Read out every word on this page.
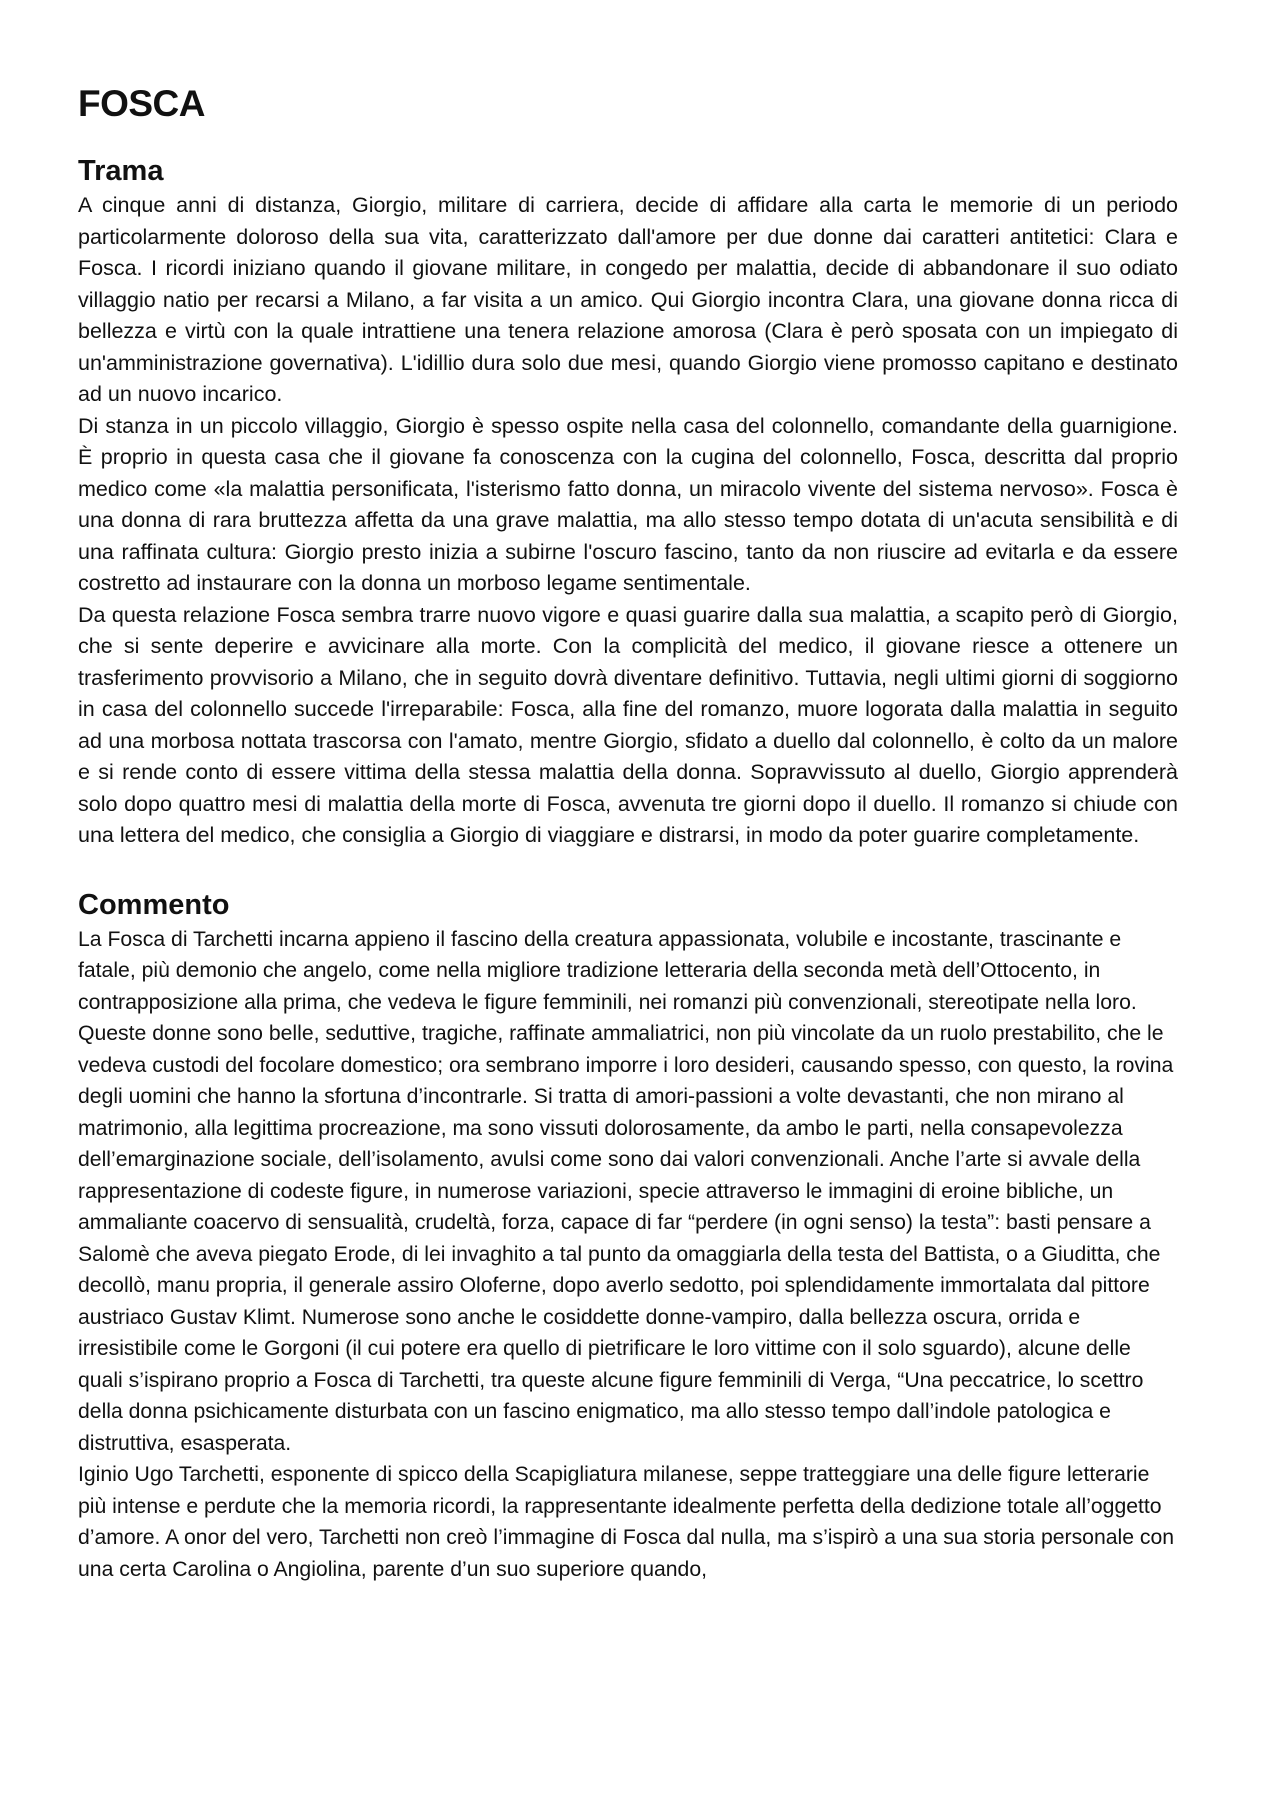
FOSCA
Trama

A cinque anni di distanza, Giorgio, militare di carriera, decide di affidare alla carta le memorie di un periodo particolarmente doloroso della sua vita, caratterizzato dall'amore per due donne dai caratteri antitetici: Clara e Fosca. I ricordi iniziano quando il giovane militare, in congedo per malattia, decide di abbandonare il suo odiato villaggio natio per recarsi a Milano, a far visita a un amico. Qui Giorgio incontra Clara, una giovane donna ricca di bellezza e virtù con la quale intrattiene una tenera relazione amorosa (Clara è però sposata con un impiegato di un'amministrazione governativa). L'idillio dura solo due mesi, quando Giorgio viene promosso capitano e destinato ad un nuovo incarico.

Di stanza in un piccolo villaggio, Giorgio è spesso ospite nella casa del colonnello, comandante della guarnigione. È proprio in questa casa che il giovane fa conoscenza con la cugina del colonnello, Fosca, descritta dal proprio medico come «la malattia personificata, l'isterismo fatto donna, un miracolo vivente del sistema nervoso». Fosca è una donna di rara bruttezza affetta da una grave malattia, ma allo stesso tempo dotata di un'acuta sensibilità e di una raffinata cultura: Giorgio presto inizia a subirne l'oscuro fascino, tanto da non riuscire ad evitarla e da essere costretto ad instaurare con la donna un morboso legame sentimentale.

Da questa relazione Fosca sembra trarre nuovo vigore e quasi guarire dalla sua malattia, a scapito però di Giorgio, che si sente deperire e avvicinare alla morte. Con la complicità del medico, il giovane riesce a ottenere un trasferimento provvisorio a Milano, che in seguito dovrà diventare definitivo. Tuttavia, negli ultimi giorni di soggiorno in casa del colonnello succede l'irreparabile: Fosca, alla fine del romanzo, muore logorata dalla malattia in seguito ad una morbosa nottata trascorsa con l'amato, mentre Giorgio, sfidato a duello dal colonnello, è colto da un malore e si rende conto di essere vittima della stessa malattia della donna. Sopravvissuto al duello, Giorgio apprenderà solo dopo quattro mesi di malattia della morte di Fosca, avvenuta tre giorni dopo il duello. Il romanzo si chiude con una lettera del medico, che consiglia a Giorgio di viaggiare e distrarsi, in modo da poter guarire completamente.

Commento

La Fosca di Tarchetti incarna appieno il fascino della creatura appassionata, volubile e incostante, trascinante e fatale, più demonio che angelo, come nella migliore tradizione letteraria della seconda metà dell’Ottocento, in contrapposizione alla prima, che vedeva le figure femminili, nei romanzi più convenzionali, stereotipate nella loro. Queste donne sono belle, seduttive, tragiche, raffinate ammaliatrici, non più vincolate da un ruolo prestabilito, che le vedeva custodi del focolare domestico; ora sembrano imporre i loro desideri, causando spesso, con questo, la rovina degli uomini che hanno la sfortuna d’incontrarle. Si tratta di amori-passioni a volte devastanti, che non mirano al matrimonio, alla legittima procreazione, ma sono vissuti dolorosamente, da ambo le parti, nella consapevolezza dell’emarginazione sociale, dell’isolamento, avulsi come sono dai valori convenzionali. Anche l’arte si avvale della rappresentazione di codeste figure, in numerose variazioni, specie attraverso le immagini di eroine bibliche, un ammaliante coacervo di sensualità, crudeltà, forza, capace di far “perdere (in ogni senso) la testa”: basti pensare a Salomè che aveva piegato Erode, di lei invaghito a tal punto da omaggiarla della testa del Battista, o a Giuditta, che decollò, manu propria, il generale assiro Oloferne, dopo averlo sedotto, poi splendidamente immortalata dal pittore austriaco Gustav Klimt. Numerose sono anche le cosiddette donne-vampiro, dalla bellezza oscura, orrida e irresistibile come le Gorgoni (il cui potere era quello di pietrificare le loro vittime con il solo sguardo), alcune delle quali s’ispirano proprio a Fosca di Tarchetti, tra queste alcune figure femminili di Verga, “Una peccatrice, lo scettro della donna psichicamente disturbata con un fascino enigmatico, ma allo stesso tempo dall’indole patologica e distruttiva, esasperata.

Iginio Ugo Tarchetti, esponente di spicco della Scapigliatura milanese, seppe tratteggiare una delle figure letterarie più intense e perdute che la memoria ricordi, la rappresentante idealmente perfetta della dedizione totale all’oggetto d’amore. A onor del vero, Tarchetti non creò l’immagine di Fosca dal nulla, ma s’ispirò a una sua storia personale con una certa Carolina o Angiolina, parente d’un suo superiore quando,
